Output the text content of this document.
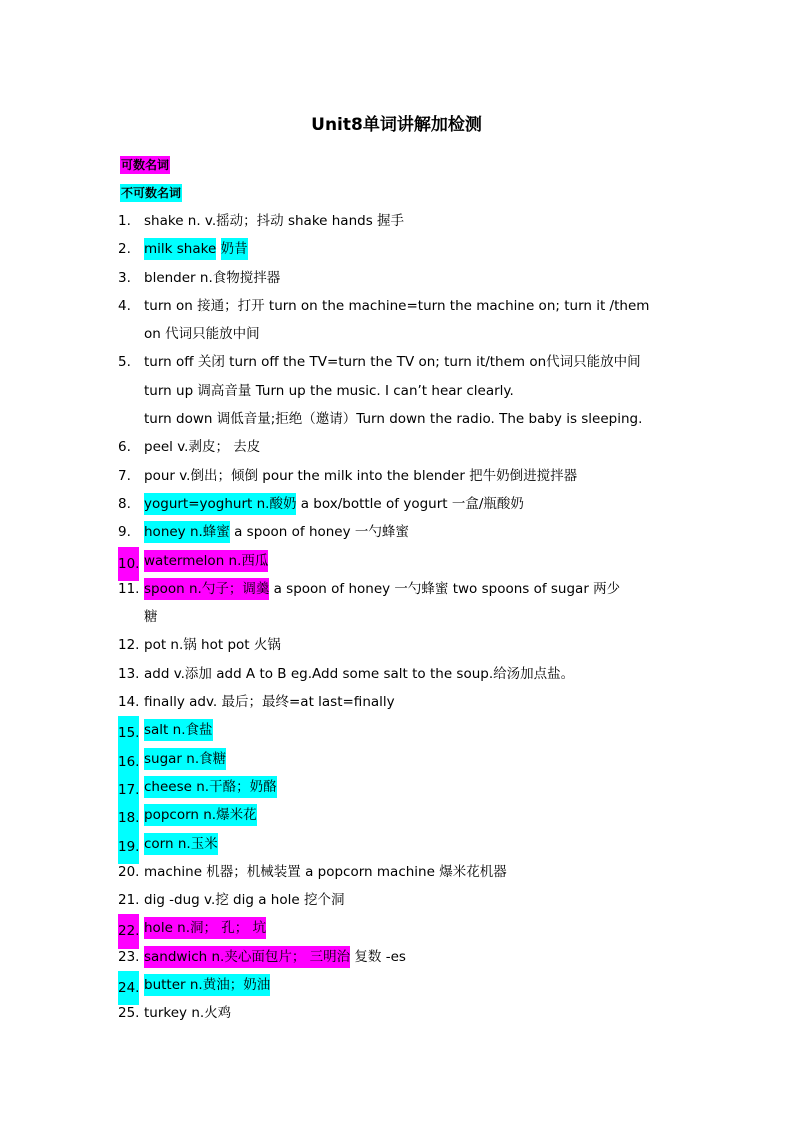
Unit8单词讲解加检测
可数名词
不可数名词
1. shake n. v.摇动；抖动 shake hands 握手
2. milk shake 奶昔
3. blender n.食物搅拌器
4. turn on 接通；打开 turn on the machine=turn the machine on; turn it /them
on 代词只能放中间
5. turn off 关闭 turn off the TV=turn the TV on; turn it/them on代词只能放中间
turn up 调高音量 Turn up the music. I can’t hear clearly.
turn down 调低音量;拒绝（邀请）Turn down the radio. The baby is sleeping.
6. peel v.剥皮； 去皮
7. pour v.倒出；倾倒 pour the milk into the blender 把牛奶倒进搅拌器
8. yogurt=yoghurt n.酸奶 a box/bottle of yogurt 一盒/瓶酸奶
9. honey n.蜂蜜 a spoon of honey 一勺蜂蜜
10. watermelon n.西瓜
11. spoon n.勺子；调羹 a spoon of honey 一勺蜂蜜 two spoons of sugar 两少
糖
12. pot n.锅 hot pot 火锅
13. add v.添加 add A to B eg.Add some salt to the soup.给汤加点盐。
14. finally adv. 最后；最终=at last=finally
15. salt n.食盐
16. sugar n.食糖
17. cheese n.干酪；奶酪
18. popcorn n.爆米花
19. corn n.玉米
20. machine 机器；机械装置 a popcorn machine 爆米花机器
21. dig -dug v.挖 dig a hole 挖个洞
22. hole n.洞； 孔； 坑
23. sandwich n.夹心面包片； 三明治 复数 -es
24. butter n.黄油；奶油
25. turkey n.火鸡
